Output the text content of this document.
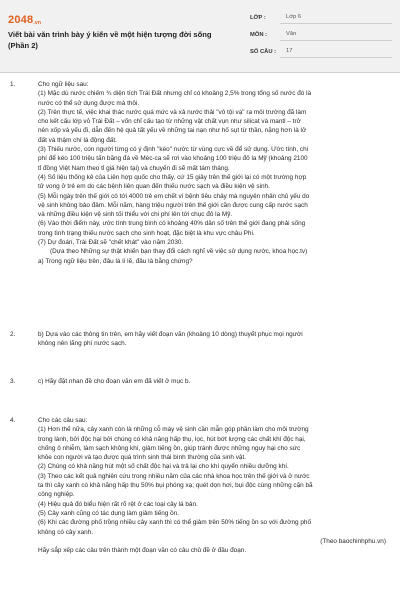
2048.vn
Viết bài văn trình bày ý kiến về một hiện tượng đời sống
(Phần 2)
LỚP :	Lớp 6
MÔN :	Văn
SỐ CÂU :	17
1.	Cho ngữ liệu sau:
(1) Mặc dù nước chiếm ¾ diện tích Trái Đất nhưng chỉ có khoảng 2,5% trong tổng số nước đó là
nước có thể sử dụng được mà thôi.
(2) Trên thực tế, việc khai thác nước quá mức và xả nước thải "vô tội vạ" ra môi trường đã làm
cho kết cấu lớp vỏ Trái Đất – vốn chỉ cấu tạo từ những vật chất vụn như silicat và mantl – trở
nên xốp và yếu đi, dẫn đến hệ quả tất yếu về những tai nạn như hố sụt từ thần, nặng hơn là lở
đất và thậm chí là động đất.
(3) Thiếu nước, con người từng có ý định "kéo" nước từ vùng cực về để sử dụng. Ước tính, chi
phí để kéo 100 triệu tấn băng đá về Méc-ca sẽ rơi vào khoảng 100 triệu đô la Mỹ (khoảng 2100
tỉ đồng Việt Nam theo tỉ giá hiện tại) và chuyến đi sẽ mất tám tháng.
(4) Số liệu thống kê của Liên hợp quốc cho thấy, cứ 15 giây trên thế giới lại có một trường hợp
tử vong ở trẻ em do các bệnh liên quan đến thiếu nước sạch và điều kiện vệ sinh.
(5) Mỗi ngày trên thế giới có tới 4000 trẻ em chết vì bệnh tiêu chảy mà nguyên nhân chủ yếu do
vệ sinh không bảo đảm. Mỗi năm, hàng triệu người trên thế giới cần được cung cấp nước sạch
và những điều kiện vệ sinh tối thiểu với chi phí lên tới chục đô la Mỹ.
(6) Vào thời điểm này, ước tính trung bình có khoảng 40% dân số trên thế giới đang phải sống
trong tình trạng thiếu nước sạch cho sinh hoạt, đặc biệt là khu vực châu Phi.
(7) Dự đoán, Trái Đất sẽ "chết khát" vào năm 2030.
(Dựa theo Những sự thật khiến bạn thay đổi cách nghĩ về việc sử dụng nước, khoa học.tv)
a) Trong ngữ liệu trên, đâu là lí lẽ, đâu là bằng chứng?
2.	b) Dựa vào các thông tin trên, em hãy viết đoạn văn (khoảng 10 dòng) thuyết phục mọi người
không nên lãng phí nước sạch.
3.	c) Hãy đặt nhan đề cho đoạn văn em đã viết ở mục b.
4.	Cho các câu sau:
(1) Hơn thế nữa, cây xanh còn là những cỗ máy vệ sinh cần mẫn góp phần làm cho môi trường
trong lành, bởi độc hại bởi chúng có khả năng hấp thụ, lọc, hút bớt lượng các chất khí độc hại,
chống ô nhiễm, làm sạch không khí, giảm tiếng ồn, giúp tránh được những nguy hại cho sức
khỏe con người và tạo được quá trình sinh thái bình thường của sinh vật.
(2) Chúng có khả năng hút một số chất độc hại và trả lại cho khí quyển nhiều dưỡng khí.
(3) Theo các kết quả nghiên cứu trong nhiều năm của các nhà khoa học trên thế giới và ở nước
ta thì cây xanh có khả năng hấp thụ 50% bụi phóng xạ; quét dọn hơi, bụi độc cùng những cặn bã
công nghiệp.
(4) Hiệu quả đó biểu hiện rất rõ rệt ở các loại cây lá bản.
(5) Cây xanh cũng có tác dụng làm giảm tiếng ồn.
(6) Khi các đường phố trồng nhiều cây xanh thì có thể giảm trên 50% tiếng ồn so với đường phố
không có cây xanh.
(Theo baochinhphu.vn)
Hãy sắp xếp các câu trên thành một đoạn văn có câu chủ đề ở đầu đoạn.
